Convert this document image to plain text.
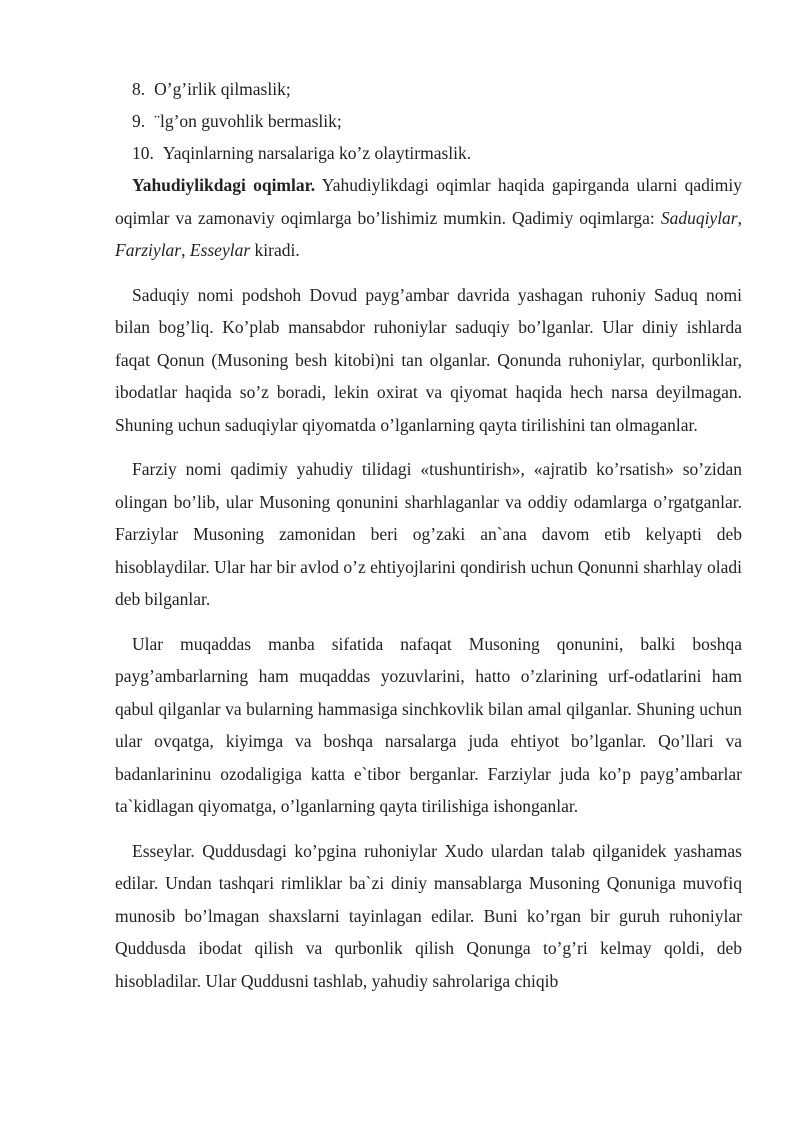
8. O’g’irlik qilmaslik;
9. ¨lg’on guvohlik bermaslik;
10. Yaqinlarning narsalariga ko’z olaytirmaslik.

Yahudiylikdagi oqimlar. Yahudiylikdagi oqimlar haqida gapirganda ularni qadimiy oqimlar va zamonaviy oqimlarga bo’lishimiz mumkin. Qadimiy oqimlarga: Saduqiylar, Farziylar, Esseylar kiradi.

Saduqiy nomi podshoh Dovud payg’ambar davrida yashagan ruhoniy Saduq nomi bilan bog’liq. Ko’plab mansabdor ruhoniylar saduqiy bo’lganlar. Ular diniy ishlarda faqat Qonun (Musoning besh kitobi)ni tan olganlar. Qonunda ruhoniylar, qurbonliklar, ibodatlar haqida so’z boradi, lekin oxirat va qiyomat haqida hech narsa deyilmagan. Shuning uchun saduqiylar qiyomatda o’lganlarning qayta tirilishini tan olmaganlar.

Farziy nomi qadimiy yahudiy tilidagi «tushuntirish», «ajratib ko’rsatish» so’zidan olingan bo’lib, ular Musoning qonunini sharhlaganlar va oddiy odamlarga o’rgatganlar. Farziylar Musoning zamonidan beri og’zaki an`ana davom etib kelyapti deb hisoblaydilar. Ular har bir avlod o’z ehtiyojlarini qondirish uchun Qonunni sharhlay oladi deb bilganlar.

Ular muqaddas manba sifatida nafaqat Musoning qonunini, balki boshqa payg’ambarlarning ham muqaddas yozuvlarini, hatto o’zlarining urf-odatlarini ham qabul qilganlar va bularning hammasiga sinchkovlik bilan amal qilganlar. Shuning uchun ular ovqatga, kiyimga va boshqa narsalarga juda ehtiyot bo’lganlar. Qo’llari va badanlarininu ozodaligiga katta e`tibor berganlar. Farziylar juda ko’p payg’ambarlar ta`kidlagan qiyomatga, o’lganlarning qayta tirilishiga ishonganlar.

Esseylar. Quddusdagi ko’pgina ruhoniylar Xudo ulardan talab qilganidek yashamas edilar. Undan tashqari rimliklar ba`zi diniy mansablarga Musoning Qonuniga muvofiq munosib bo’lmagan shaxslarni tayinlagan edilar. Buni ko’rgan bir guruh ruhoniylar Quddusda ibodat qilish va qurbonlik qilish Qonunga to’g’ri kelmay qoldi, deb hisobladilar. Ular Quddusni tashlab, yahudiy sahrolariga chiqib
